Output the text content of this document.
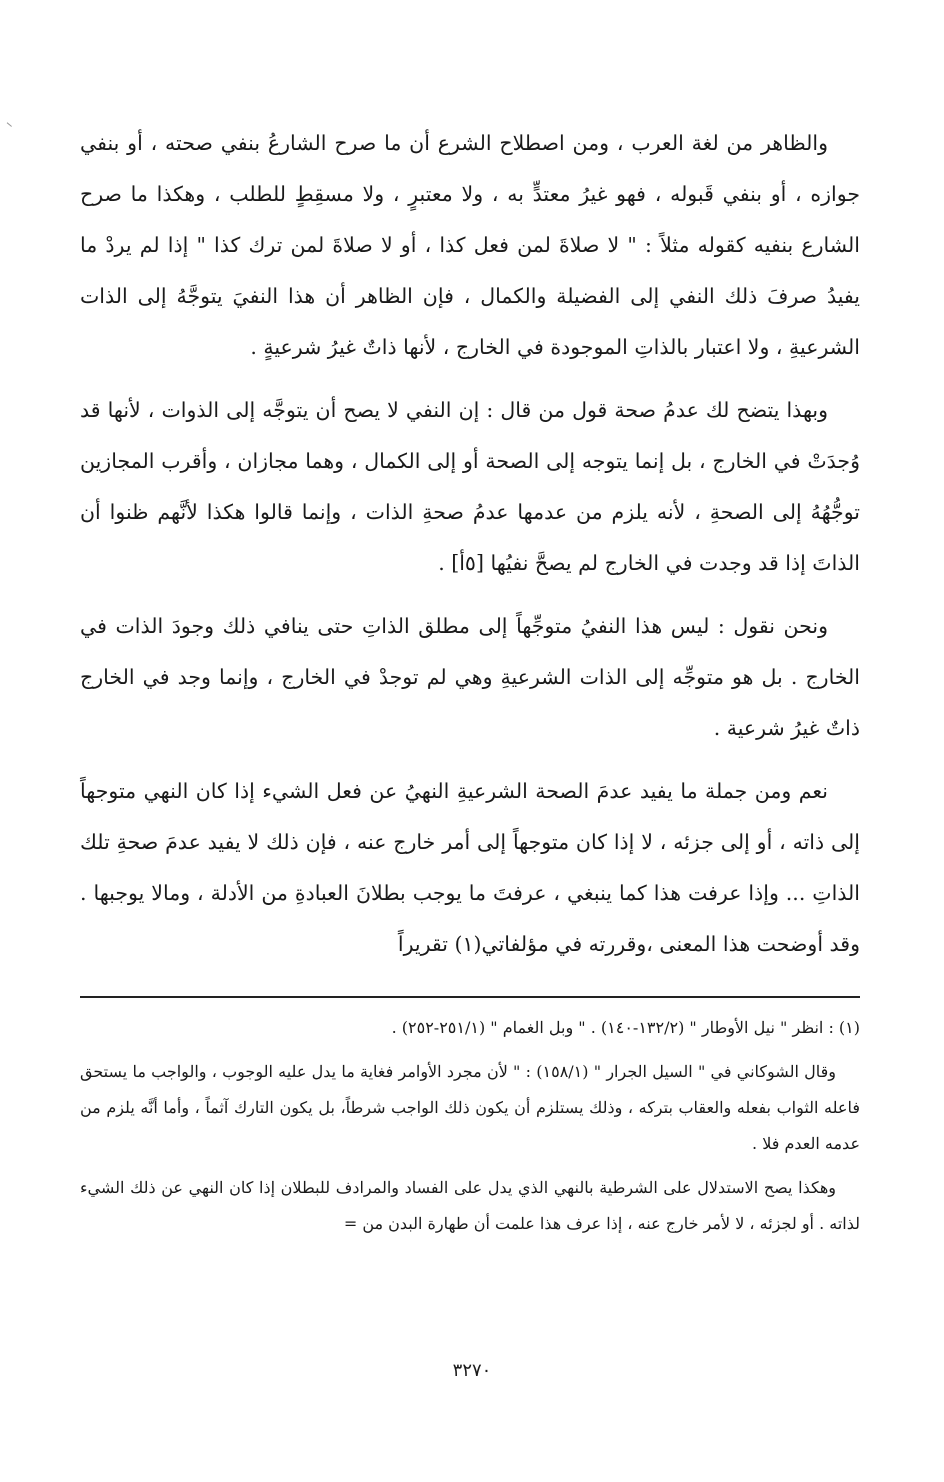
والظاهر من لغة العرب ، ومن اصطلاح الشرع أن ما صرح الشارعُ بنفي صحته ، أو بنفي جوازه ، أو بنفي قَبوله ، فهو غيرُ معتدٍّ به ، ولا معتبرٍ ، ولا مسقِطٍ للطلب ، وهكذا ما صرح الشارع بنفيه كقوله مثلاً : " لا صلاةَ لمن فعل كذا ، أو لا صلاةَ لمن ترك كذا " إذا لم يردْ ما يفيدُ صرفَ ذلك النفي إلى الفضيلة والكمال ، فإن الظاهر أن هذا النفيَ يتوجَّهُ إلى الذات الشرعيةِ ، ولا اعتبار بالذاتِ الموجودة في الخارج ، لأنها ذاتٌ غيرُ شرعيةٍ .

وبهذا يتضح لك عدمُ صحة قول من قال : إن النفي لا يصح أن يتوجَّه إلى الذوات ، لأنها قد وُجدَتْ في الخارج ، بل إنما يتوجه إلى الصحة أو إلى الكمال ، وهما مجازان ، وأقرب المجازين توجُّهُهُ إلى الصحةِ ، لأنه يلزم من عدمها عدمُ صحةِ الذات ، وإنما قالوا هكذا لأنَّهم ظنوا أن الذاتَ إذا قد وجدت في الخارج لم يصحَّ نفيُها [٥أ] .

ونحن نقول : ليس هذا النفيُ متوجِّهاً إلى مطلق الذاتِ حتى ينافي ذلك وجودَ الذات في الخارج . بل هو متوجِّه إلى الذات الشرعيةِ وهي لم توجدْ في الخارج ، وإنما وجد في الخارج ذاتٌ غيرُ شرعية .

نعم ومن جملة ما يفيد عدمَ الصحة الشرعيةِ النهيُ عن فعل الشيء إذا كان النهي متوجهاً إلى ذاته ، أو إلى جزئه ، لا إذا كان متوجهاً إلى أمر خارج عنه ، فإن ذلك لا يفيد عدمَ صحةِ تلك الذاتِ ... وإذا عرفت هذا كما ينبغي ، عرفتَ ما يوجب بطلانَ العبادةِ من الأدلة ، ومالا يوجبها . وقد أوضحت هذا المعنى ،وقررته في مؤلفاتي(١) تقريراً

(١) : انظر " نيل الأوطار " (١٣٢/٢-١٤٠) . " وبل الغمام " (٢٥١/١-٢٥٢) .

وقال الشوكاني في " السيل الجرار " (١٥٨/١) : " لأن مجرد الأوامر فغاية ما يدل عليه الوجوب ، والواجب ما يستحق فاعله الثواب بفعله والعقاب بتركه ، وذلك يستلزم أن يكون ذلك الواجب شرطاً، بل يكون التارك آثماً ، وأما أنَّه يلزم من عدمه العدم فلا .

وهكذا يصح الاستدلال على الشرطية بالنهي الذي يدل على الفساد والمرادف للبطلان إذا كان النهي عن ذلك الشيء لذاته . أو لجزئه ، لا لأمر خارج عنه ، إذا عرف هذا علمت أن طهارة البدن من =

٣٢٧٠
